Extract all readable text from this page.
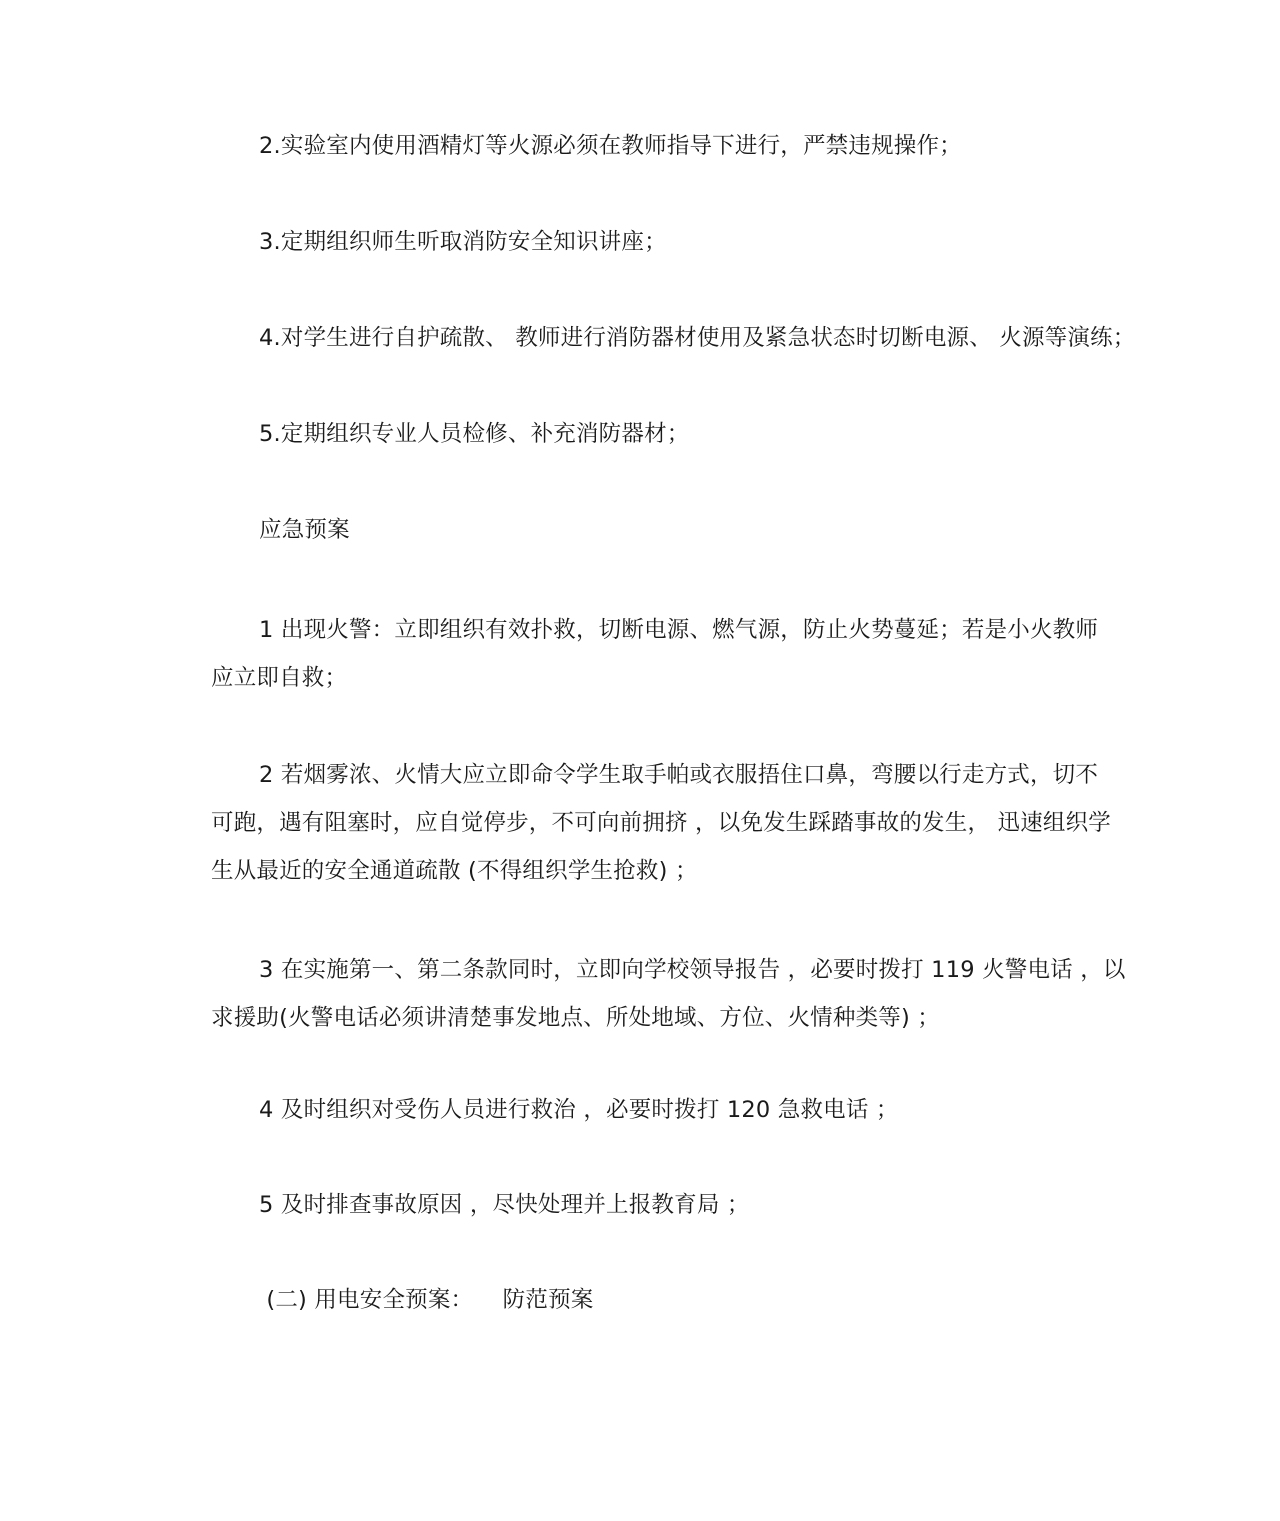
2.实验室内使用酒精灯等火源必须在教师指导下进行，严禁违规操作；
3.定期组织师生听取消防安全知识讲座；
4.对学生进行自护疏散、 教师进行消防器材使用及紧急状态时切断电源、 火源等演练；
5.定期组织专业人员检修、补充消防器材；
应急预案
1 出现火警：立即组织有效扑救，切断电源、燃气源，防止火势蔓延；若是小火教师
应立即自救；
2 若烟雾浓、火情大应立即命令学生取手帕或衣服捂住口鼻，弯腰以行走方式，切不
可跑，遇有阻塞时，应自觉停步，不可向前拥挤 ，以免发生踩踏事故的发生， 迅速组织学
生从最近的安全通道疏散 (不得组织学生抢救) ；
3 在实施第一、第二条款同时，立即向学校领导报告 ，必要时拨打 119 火警电话 ，以
求援助(火警电话必须讲清楚事发地点、所处地域、方位、火情种类等) ；
4 及时组织对受伤人员进行救治 ，必要时拨打 120 急救电话 ；
5 及时排查事故原因 ，尽快处理并上报教育局 ；
(二) 用电安全预案：    防范预案
